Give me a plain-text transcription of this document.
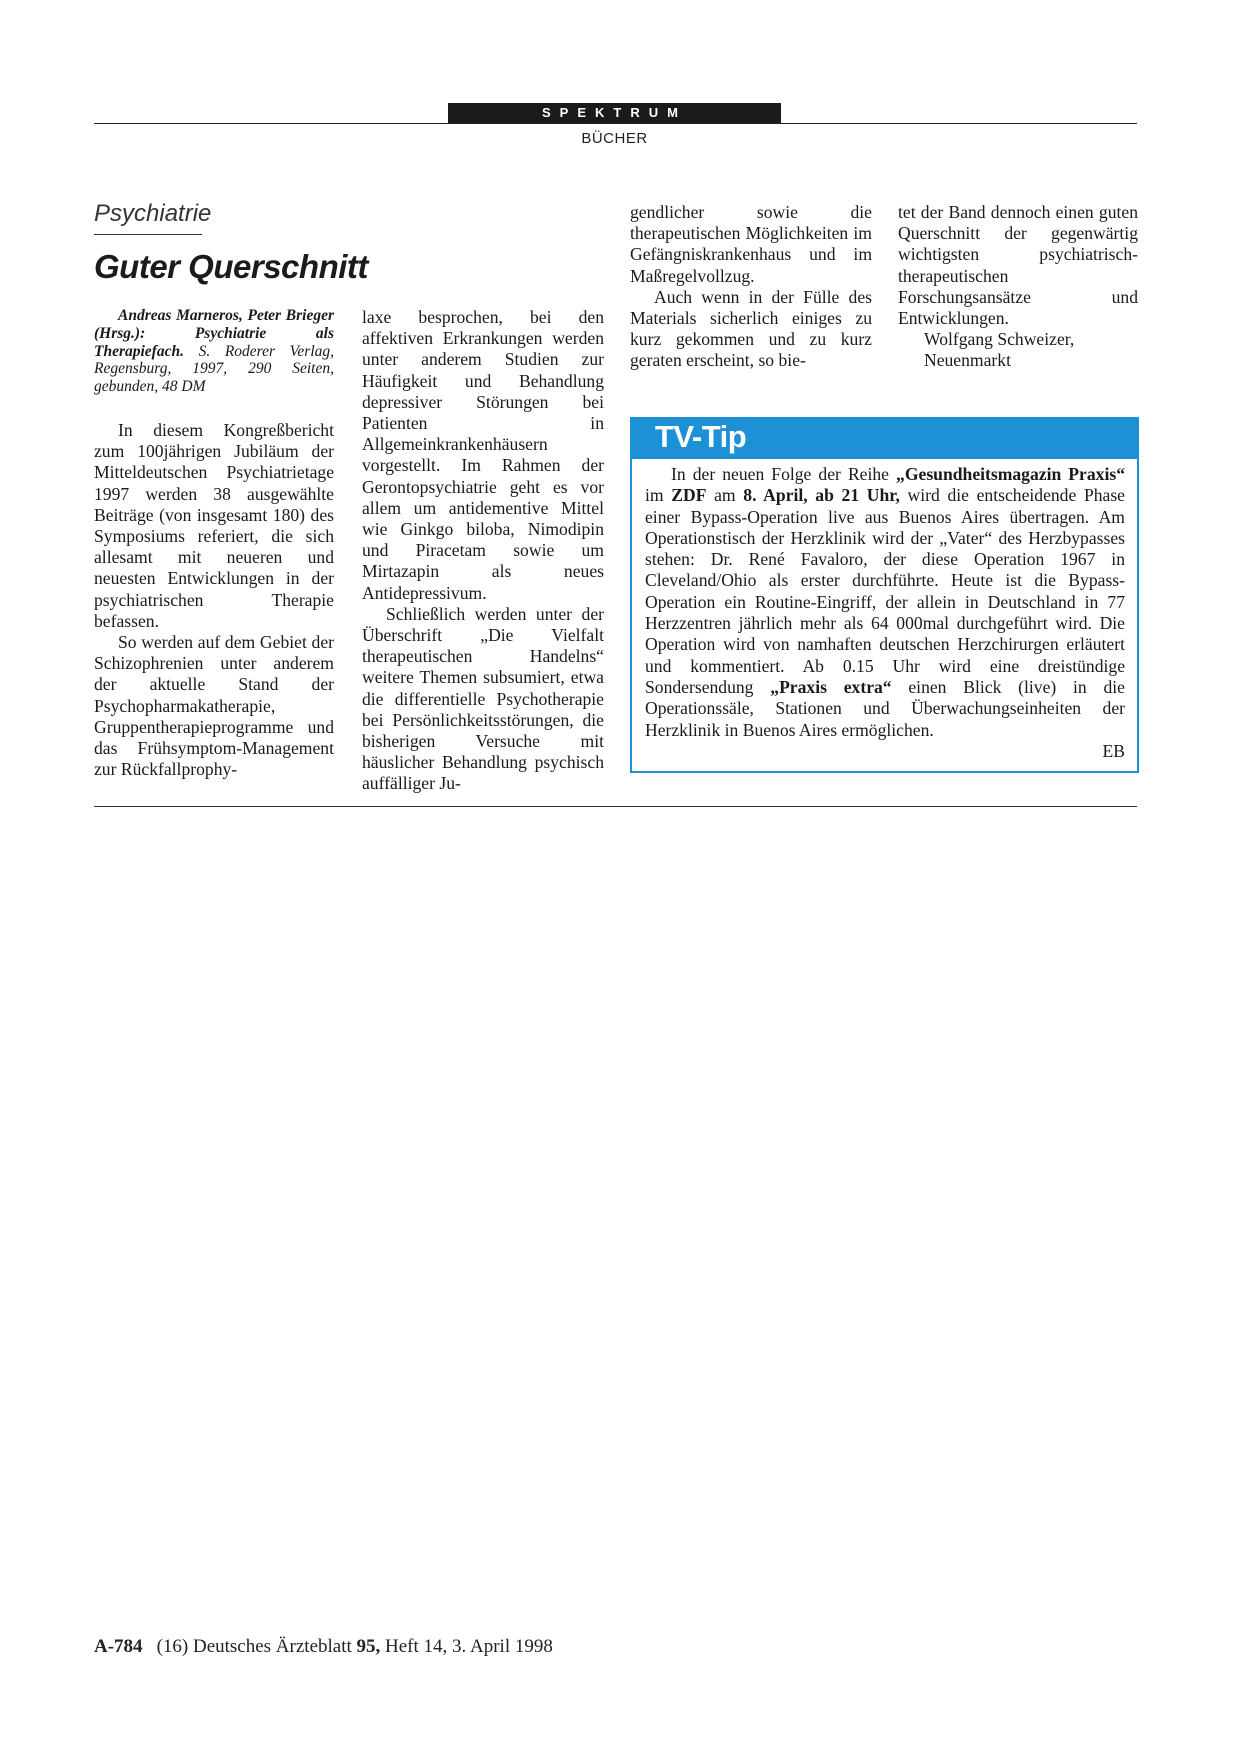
SPEKTRUM
BÜCHER
Psychiatrie
Guter Querschnitt
Andreas Marneros, Peter Brieger (Hrsg.): Psychiatrie als Therapiefach. S. Roderer Verlag, Regensburg, 1997, 290 Seiten, gebunden, 48 DM

In diesem Kongreßbericht zum 100jährigen Jubiläum der Mitteldeutschen Psychiatrietage 1997 werden 38 ausgewählte Beiträge (von insgesamt 180) des Symposiums referiert, die sich allesamt mit neueren und neuesten Entwicklungen in der psychiatrischen Therapie befassen.

So werden auf dem Gebiet der Schizophrenien unter anderem der aktuelle Stand der Psychopharmakatherapie, Gruppentherapieprogramme und das Frühsymptom-Management zur Rückfallprophy-

laxe besprochen, bei den affektiven Erkrankungen werden unter anderem Studien zur Häufigkeit und Behandlung depressiver Störungen bei Patienten in Allgemeinkrankenhäusern vorgestellt. Im Rahmen der Gerontopsychiatrie geht es vor allem um antidementive Mittel wie Ginkgo biloba, Nimodipin und Piracetam sowie um Mirtazapin als neues Antidepressivum.

Schließlich werden unter der Überschrift „Die Vielfalt therapeutischen Handelns“ weitere Themen subsumiert, etwa die differentielle Psychotherapie bei Persönlichkeitsstörungen, die bisherigen Versuche mit häuslicher Behandlung psychisch auffälliger Ju-

gendlicher sowie die therapeutischen Möglichkeiten im Gefängniskrankenhaus und im Maßregelvollzug.

Auch wenn in der Fülle des Materials sicherlich einiges zu kurz gekommen und zu kurz geraten erscheint, so bie-

tet der Band dennoch einen guten Querschnitt der gegenwärtig wichtigsten psychiatrisch-therapeutischen Forschungsansätze und Entwicklungen.

Wolfgang Schweizer,

Neuenmarkt

TV-Tip

In der neuen Folge der Reihe „Gesundheitsmagazin Praxis“ im ZDF am 8. April, ab 21 Uhr, wird die entscheidende Phase einer Bypass-Operation live aus Buenos Aires übertragen. Am Operationstisch der Herzklinik wird der „Vater“ des Herzbypasses stehen: Dr. René Favaloro, der diese Operation 1967 in Cleveland/Ohio als erster durchführte. Heute ist die Bypass-Operation ein Routine-Eingriff, der allein in Deutschland in 77 Herzzentren jährlich mehr als 64 000mal durchgeführt wird. Die Operation wird von namhaften deutschen Herzchirurgen erläutert und kommentiert. Ab 0.15 Uhr wird eine dreistündige Sondersendung „Praxis extra“ einen Blick (live) in die Operationssäle, Stationen und Überwachungseinheiten der Herzklinik in Buenos Aires ermöglichen.
EB

A-784 (16) Deutsches Ärzteblatt 95, Heft 14, 3. April 1998
